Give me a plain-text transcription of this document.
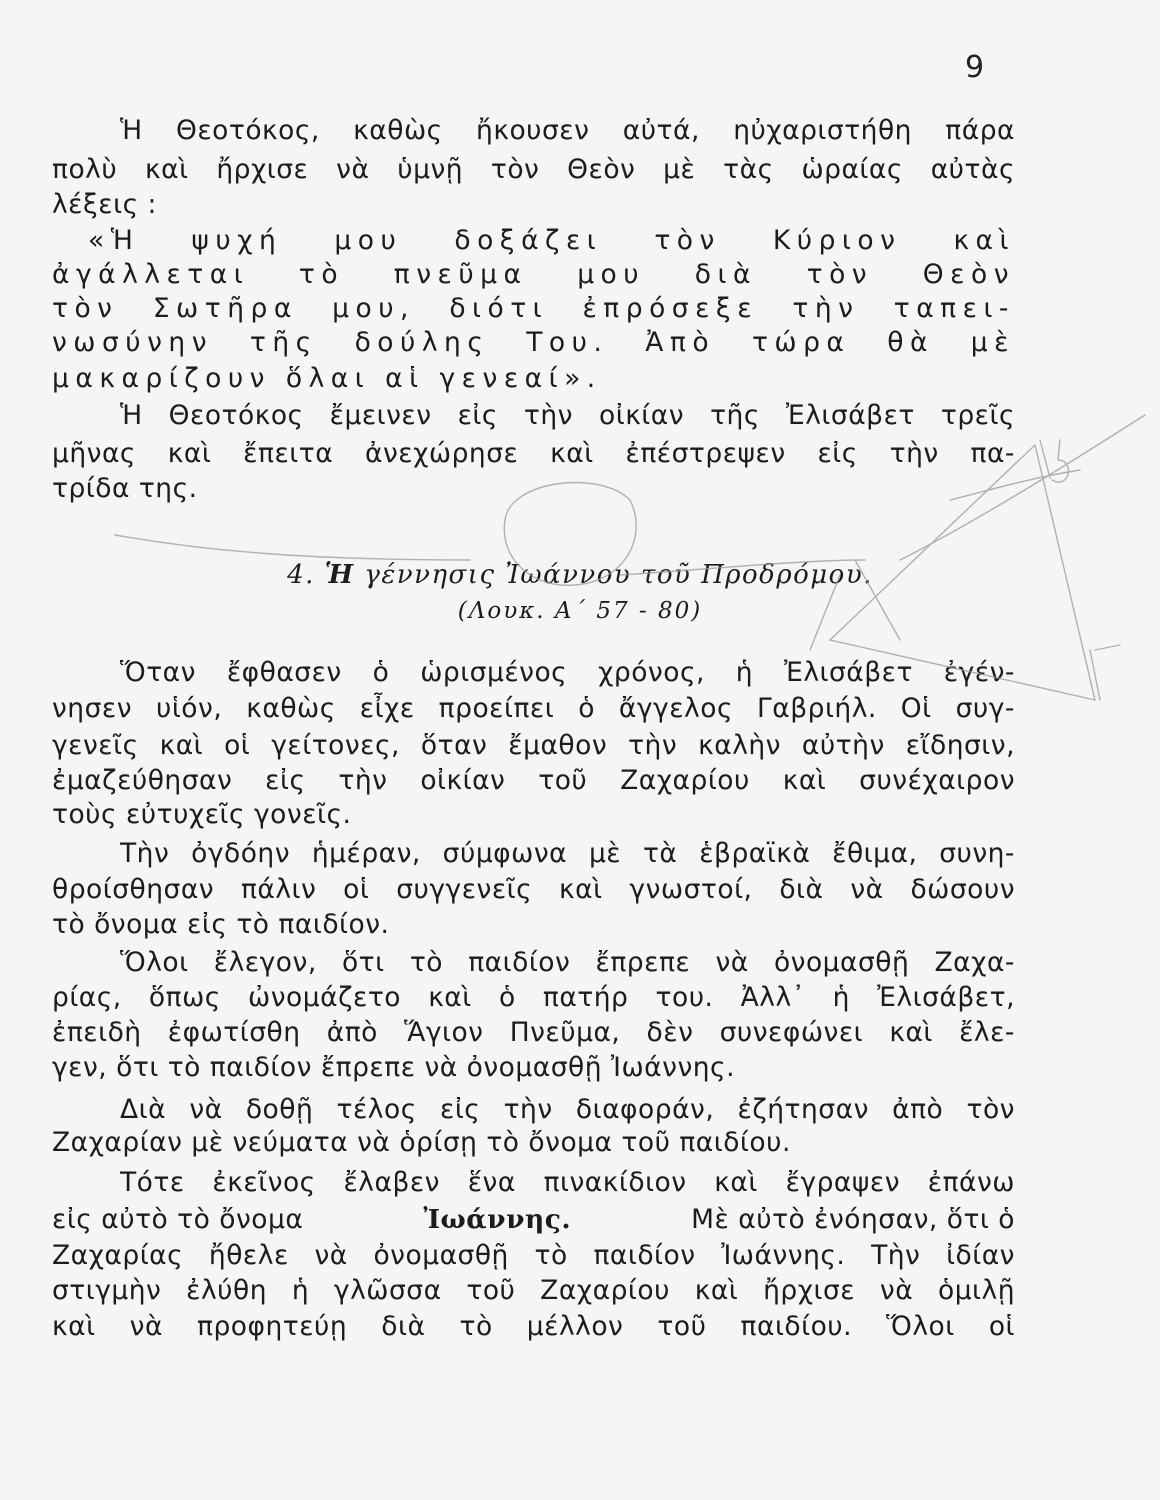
9
Ἡ Θεοτόκος, καθὼς ἤκουσεν αὐτά, ηὐχαριστήθη πάρα
πολὺ καὶ ἤρχισε νὰ ὑμνῇ τὸν Θεὸν μὲ τὰς ὡραίας αὐτὰς
λέξεις :
«Ἡ ψυχή μου δοξάζει τὸν Κύριον καὶ
ἀγάλλεται τὸ πνεῦμα μου διὰ τὸν Θεὸν
τὸν Σωτῆρα μου, διότι ἐπρόσεξε τὴν ταπει-
νωσύνην τῆς δούλης Του. Ἀπὸ τώρα θὰ μὲ
μακαρίζουν ὅλαι αἱ γενεαί».
Ἡ Θεοτόκος ἔμεινεν εἰς τὴν οἰκίαν τῆς Ἐλισάβετ τρεῖς
μῆνας καὶ ἔπειτα ἀνεχώρησε καὶ ἐπέστρεψεν εἰς τὴν πα-
τρίδα της.
4. Ἡ γέννησις Ἰωάννου τοῦ Προδρόμου.
(Λουκ. Α΄ 57 - 80)
Ὅταν ἔφθασεν ὁ ὡρισμένος χρόνος, ἡ Ἐλισάβετ ἐγέν-
νησεν υἱόν, καθὼς εἶχε προείπει ὁ ἄγγελος Γαβριήλ. Οἱ συγ-
γενεῖς καὶ οἱ γείτονες, ὅταν ἔμαθον τὴν καλὴν αὐτὴν εἴδησιν,
ἐμαζεύθησαν εἰς τὴν οἰκίαν τοῦ Ζαχαρίου καὶ συνέχαιρον
τοὺς εὐτυχεῖς γονεῖς.
Τὴν ὀγδόην ἡμέραν, σύμφωνα μὲ τὰ ἑβραϊκὰ ἔθιμα, συνη-
θροίσθησαν πάλιν οἱ συγγενεῖς καὶ γνωστοί, διὰ νὰ δώσουν
τὸ ὄνομα εἰς τὸ παιδίον.
Ὅλοι ἔλεγον, ὅτι τὸ παιδίον ἔπρεπε νὰ ὀνομασθῇ Ζαχα-
ρίας, ὅπως ὠνομάζετο καὶ ὁ πατήρ του. Ἀλλ᾽ ἡ Ἐλισάβετ,
ἐπειδὴ ἐφωτίσθη ἀπὸ Ἅγιον Πνεῦμα, δὲν συνεφώνει καὶ ἔλε-
γεν, ὅτι τὸ παιδίον ἔπρεπε νὰ ὀνομασθῇ Ἰωάννης.
Διὰ νὰ δοθῇ τέλος εἰς τὴν διαφοράν, ἐζήτησαν ἀπὸ τὸν
Ζαχαρίαν μὲ νεύματα νὰ ὁρίσῃ τὸ ὄνομα τοῦ παιδίου.
Τότε ἐκεῖνος ἔλαβεν ἕνα πινακίδιον καὶ ἔγραψεν ἐπάνω
εἰς αὐτὸ τὸ ὄνομα	Ἰωάννης.	Μὲ αὐτὸ ἐνόησαν, ὅτι ὁ
Ζαχαρίας ἤθελε νὰ ὀνομασθῇ τὸ παιδίον Ἰωάννης. Τὴν ἰδίαν
στιγμὴν ἐλύθη ἡ γλῶσσα τοῦ Ζαχαρίου καὶ ἤρχισε νὰ ὁμιλῇ
καὶ νὰ προφητεύῃ διὰ τὸ μέλλον τοῦ παιδίου. Ὅλοι οἱ
